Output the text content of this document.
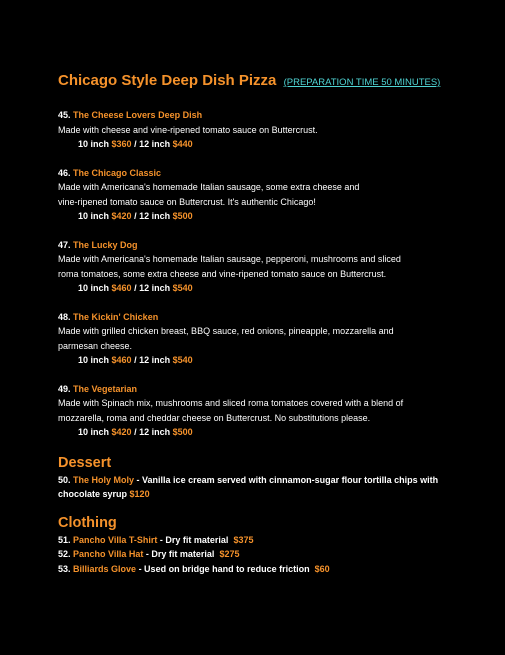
Chicago Style Deep Dish Pizza (PREPARATION TIME 50 MINUTES)
45. The Cheese Lovers Deep Dish
Made with cheese and vine-ripened tomato sauce on Buttercrust.
10 inch $360 / 12 inch $440
46. The Chicago Classic
Made with Americana's homemade Italian sausage, some extra cheese and
vine-ripened tomato sauce on Buttercrust. It's authentic Chicago!
10 inch $420 / 12 inch $500
47. The Lucky Dog
Made with Americana's homemade Italian sausage, pepperoni, mushrooms and sliced
roma tomatoes, some extra cheese and vine-ripened tomato sauce on Buttercrust.
10 inch $460 / 12 inch $540
48. The Kickin' Chicken
Made with grilled chicken breast, BBQ sauce, red onions, pineapple, mozzarella and
parmesan cheese.
10 inch $460 / 12 inch $540
49. The Vegetarian
Made with Spinach mix, mushrooms and sliced roma tomatoes covered with a blend of
mozzarella, roma and cheddar cheese on Buttercrust. No substitutions please.
10 inch $420 / 12 inch $500
Dessert
50. The Holy Moly - Vanilla ice cream served with cinnamon-sugar flour tortilla chips with
chocolate syrup $120
Clothing
51. Pancho Villa T-Shirt - Dry fit material $375
52. Pancho Villa Hat - Dry fit material $275
53. Billiards Glove - Used on bridge hand to reduce friction $60
